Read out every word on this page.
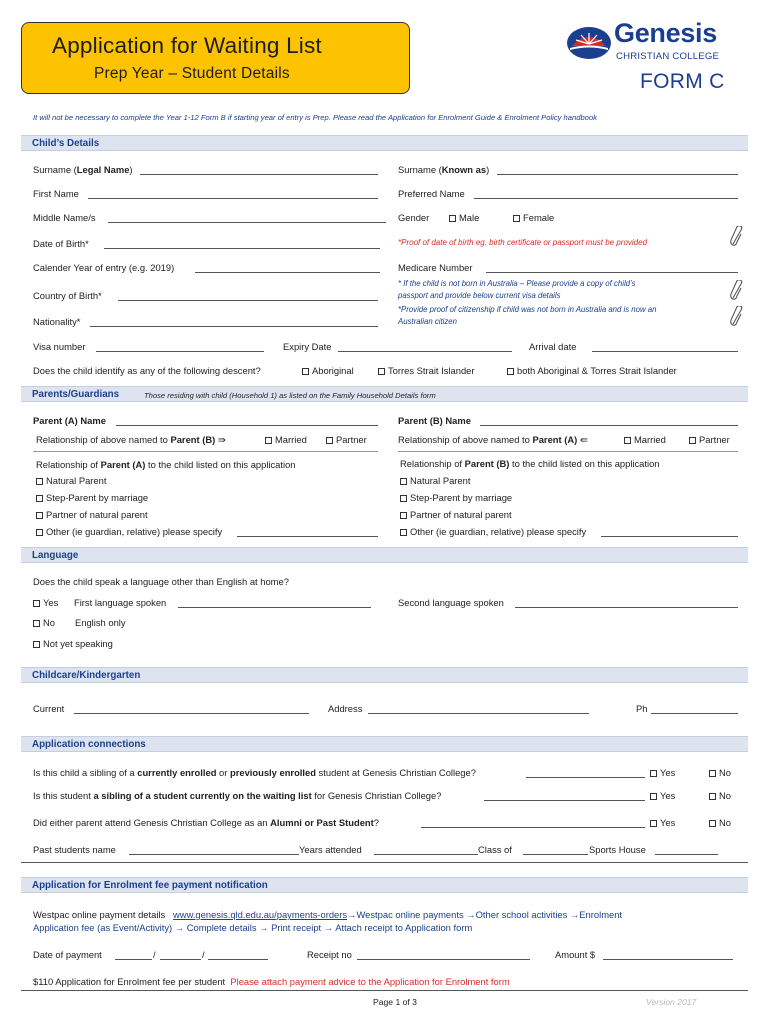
Application for Waiting List
Prep Year – Student Details
Genesis
CHRISTIAN COLLEGE
FORM C
It will not be necessary to complete the Year 1-12 Form B if starting year of entry is Prep. Please read the Application for Enrolment Guide & Enrolment Policy handbook
Child’s Details
Surname (Legal Name)	Surname (Known as)
First Name	Preferred Name
Middle Name/s	Gender	Male	Female
Date of Birth*	*Proof of date of birth eg. birth certificate or passport must be provided
Calender Year of entry (e.g. 2019)	Medicare Number
Country of Birth*
* If the child is not born in Australia – Please provide a copy of child’s
passport and provide below current visa details
Nationality*
*Provide proof of citizenship if child was not born in Australia and is now an
Australian citizen
Visa number	Expiry Date	Arrival date
Does the child identify as any of the following descent?	Aboriginal	Torres Strait Islander	both Aboriginal & Torres Strait Islander
Parents/Guardians	Those residing with child (Household 1) as listed on the Family Household Details form
Parent (A) Name	Parent (B) Name
Relationship of above named to Parent (B) ⇛	Married	Partner	Relationship of above named to Parent (A) ⇚	Married	Partner
Relationship of Parent (A) to the child listed on this application	Relationship of Parent (B) to the child listed on this application
Natural Parent	Natural Parent
Step-Parent by marriage	Step-Parent by marriage
Partner of natural parent	Partner of natural parent
Other (ie guardian, relative) please specify	Other (ie guardian, relative) please specify
Language
Does the child speak a language other than English at home?
Yes First language spoken	Second language spoken
No English only
Not yet speaking
Childcare/Kindergarten
Current	Address	Ph
Application connections
Is this child a sibling of a currently enrolled or previously enrolled student at Genesis Christian College?	Yes	No
Is this student a sibling of a student currently on the waiting list for Genesis Christian College?	Yes	No
Did either parent attend Genesis Christian College as an Alumni or Past Student?	Yes	No
Past students name	Years attended	Class of	Sports House
Application for Enrolment fee payment notification
Westpac online payment details www.genesis.qld.edu.au/payments-orders→Westpac online payments →Other school activities →Enrolment
Application fee (as Event/Activity) → Complete details → Print receipt → Attach receipt to Application form
Date of payment	/	/	Receipt no	Amount $
$110 Application for Enrolment fee per student Please attach payment advice to the Application for Enrolment form
Page 1 of 3	Version 2017
